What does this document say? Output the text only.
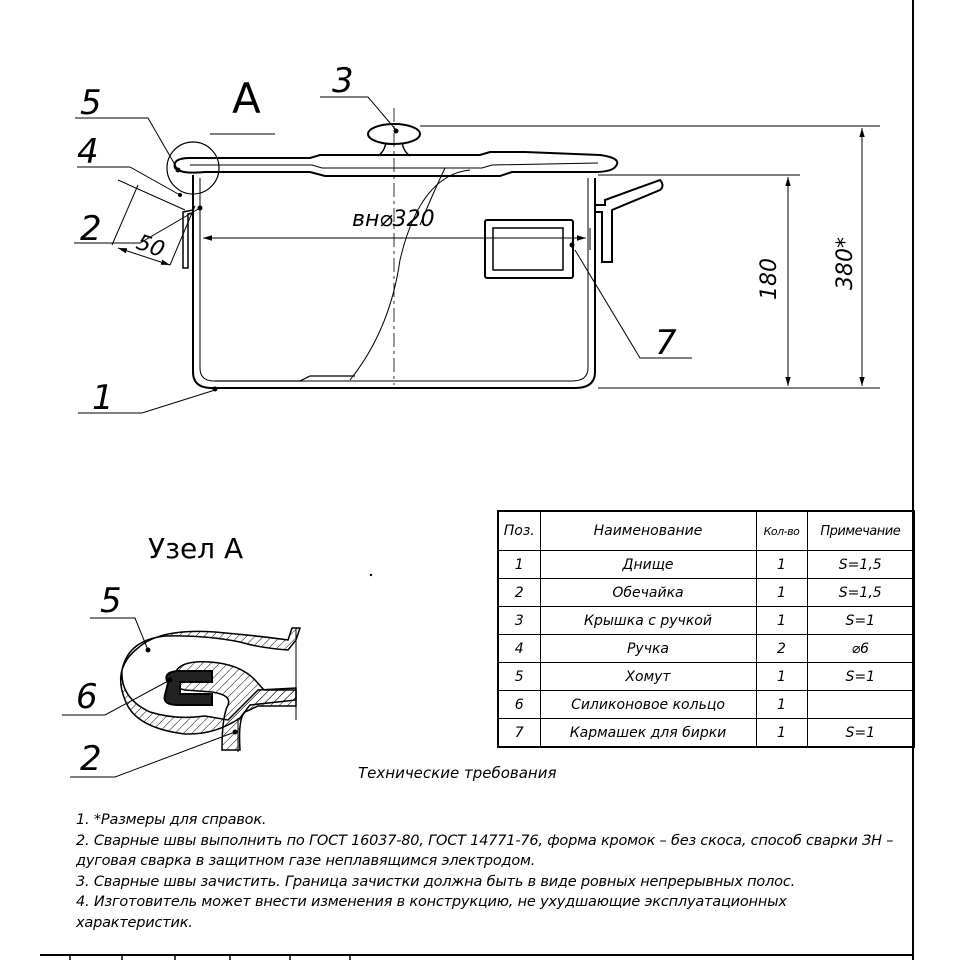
вн⌀320
180 380*
50
3
5
4
2
1
7
А
5
6
2
Узел А
Поз.	Наименование	Кол-во	Примечание
1	Днище	1	S=1,5
2	Обечайка	1	S=1,5
3	Крышка с ручкой	1	S=1
4	Ручка	2	⌀6
5	Хомут	1	S=1
6	Силиконовое кольцо	1	
7	Кармашек для бирки	1	S=1
Технические требования
1. *Размеры для справок.
2. Сварные швы выполнить по ГОСТ 16037-80, ГОСТ 14771-76, форма кромок – без скоса, способ сварки ЗН – дуговая сварка в защитном газе неплавящимся электродом.
3. Сварные швы зачистить. Граница зачистки должна быть в виде ровных непрерывных полос.
4. Изготовитель может внести изменения в конструкцию, не ухудшающие эксплуатационных характеристик.
